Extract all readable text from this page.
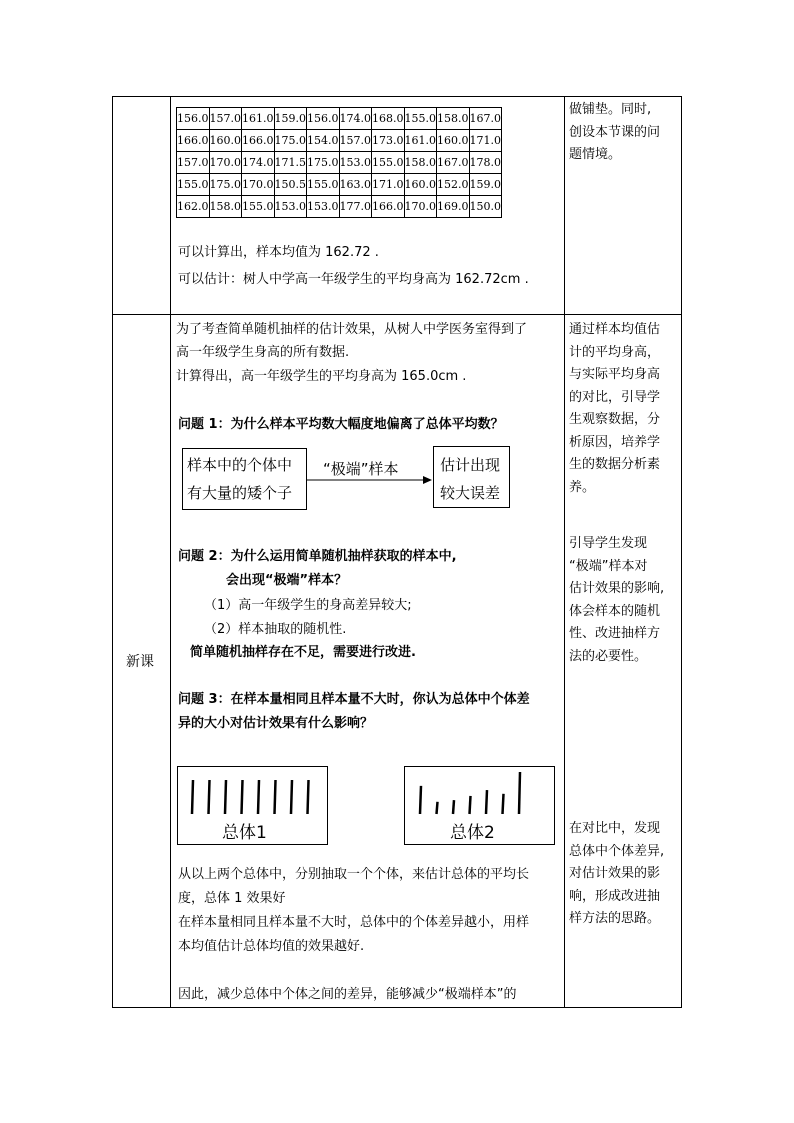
新课
156.0	157.0	161.0	159.0	156.0	174.0	168.0	155.0	158.0	167.0
166.0	160.0	166.0	175.0	154.0	157.0	173.0	161.0	160.0	171.0
157.0	170.0	174.0	171.5	175.0	153.0	155.0	158.0	167.0	178.0
155.0	175.0	170.0	150.5	155.0	163.0	171.0	160.0	152.0	159.0
162.0	158.0	155.0	153.0	153.0	177.0	166.0	170.0	169.0	150.0
可以计算出，样本均值为 162.72 .
可以估计：树人中学高一年级学生的平均身高为 162.72cm .
做铺垫。同时,
创设本节课的问
题情境。
为了考查简单随机抽样的估计效果，从树人中学医务室得到了
高一年级学生身高的所有数据.
计算得出，高一年级学生的平均身高为 165.0cm .
问题 1：为什么样本平均数大幅度地偏离了总体平均数？
样本中的个体中
有大量的矮个子
“极端”样本	估计出现
较大误差
问题 2：为什么运用简单随机抽样获取的样本中,
会出现“极端”样本？
（1）高一年级学生的身高差异较大;
（2）样本抽取的随机性.
简单随机抽样存在不足，需要进行改进.
问题 3：在样本量相同且样本量不大时，你认为总体中个体差
异的大小对估计效果有什么影响？
总体1	总体2
从以上两个总体中，分别抽取一个个体，来估计总体的平均长
度，总体 1 效果好
在样本量相同且样本量不大时，总体中的个体差异越小，用样
本均值估计总体均值的效果越好.
因此，减少总体中个体之间的差异，能够减少“极端样本”的
通过样本均值估
计的平均身高，
与实际平均身高
的对比，引导学
生观察数据，分
析原因，培养学
生的数据分析素
养。
引导学生发现
“极端”样本对
估计效果的影响,
体会样本的随机
性、改进抽样方
法的必要性。
在对比中，发现
总体中个体差异,
对估计效果的影
响，形成改进抽
样方法的思路。
